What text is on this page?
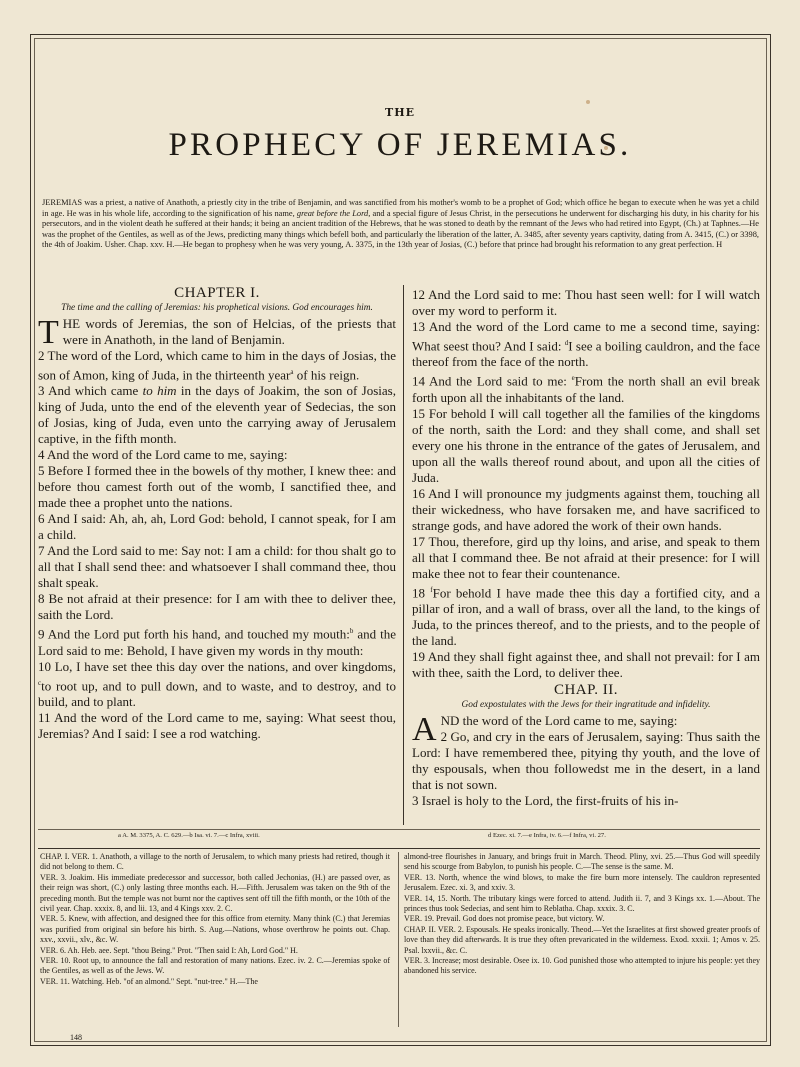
THE
PROPHECY OF JEREMIAS.
JEREMIAS was a priest, a native of Anathoth, a priestly city in the tribe of Benjamin, and was sanctified from his mother's womb to be a prophet of God; which office he began to execute when he was yet a child in age. He was in his whole life, according to the signification of his name, great before the Lord, and a special figure of Jesus Christ, in the persecutions he underwent for discharging his duty, in his charity for his persecutors, and in the violent death he suffered at their hands; it being an ancient tradition of the Hebrews, that he was stoned to death by the remnant of the Jews who had retired into Egypt, (Ch.) at Taphnes.—He was the prophet of the Gentiles, as well as of the Jews, predicting many things which befell both, and particularly the liberation of the latter, A. 3485, after seventy years captivity, dating from A. 3415, (C.) or 3398, the 4th of Joakim. Usher. Chap. xxv. H.—He began to prophesy when he was very young, A. 3375, in the 13th year of Josias, (C.) before that prince had brought his reformation to any great perfection. H
CHAPTER I.
The time and the calling of Jeremias: his prophetical visions. God encourages him.

THE words of Jeremias, the son of Helcias, of the priests that were in Anathoth, in the land of Benjamin.

2 The word of the Lord, which came to him in the days of Josias, the son of Amon, king of Juda, in the thirteenth year$^a$ of his reign.

3 And which came to him in the days of Joakim, the son of Josias, king of Juda, unto the end of the eleventh year of Sedecias, the son of Josias, king of Juda, even unto the carrying away of Jerusalem captive, in the fifth month.

4 And the word of the Lord came to me, saying:

5 Before I formed thee in the bowels of thy mother, I knew thee: and before thou camest forth out of the womb, I sanctified thee, and made thee a prophet unto the nations.

6 And I said: Ah, ah, ah, Lord God: behold, I cannot speak, for I am a child.

7 And the Lord said to me: Say not: I am a child: for thou shalt go to all that I shall send thee: and whatsoever I shall command thee, thou shalt speak.

8 Be not afraid at their presence: for I am with thee to deliver thee, saith the Lord.

9 And the Lord put forth his hand, and touched my mouth:$^b$ and the Lord said to me: Behold, I have given my words in thy mouth:

10 Lo, I have set thee this day over the nations, and over kingdoms, $^c$to root up, and to pull down, and to waste, and to destroy, and to build, and to plant.

11 And the word of the Lord came to me, saying: What seest thou, Jeremias? And I said: I see a rod watching.

12 And the Lord said to me: Thou hast seen well: for I will watch over my word to perform it.

13 And the word of the Lord came to me a second time, saying: What seest thou? And I said: $^d$I see a boiling cauldron, and the face thereof from the face of the north.

14 And the Lord said to me: $^e$From the north shall an evil break forth upon all the inhabitants of the land.

15 For behold I will call together all the families of the kingdoms of the north, saith the Lord: and they shall come, and shall set every one his throne in the entrance of the gates of Jerusalem, and upon all the walls thereof round about, and upon all the cities of Juda.

16 And I will pronounce my judgments against them, touching all their wickedness, who have forsaken me, and have sacrificed to strange gods, and have adored the work of their own hands.

17 Thou, therefore, gird up thy loins, and arise, and speak to them all that I command thee. Be not afraid at their presence: for I will make thee not to fear their countenance.

18 $^f$For behold I have made thee this day a fortified city, and a pillar of iron, and a wall of brass, over all the land, to the kings of Juda, to the princes thereof, and to the priests, and to the people of the land.

19 And they shall fight against thee, and shall not prevail: for I am with thee, saith the Lord, to deliver thee.

CHAP. II.
God expostulates with the Jews for their ingratitude and infidelity.

AND the word of the Lord came to me, saying:

2 Go, and cry in the ears of Jerusalem, saying: Thus saith the Lord: I have remembered thee, pitying thy youth, and the love of thy espousals, when thou followedst me in the desert, in a land that is not sown.

3 Israel is holy to the Lord, the first-fruits of his in-

a A. M. 3375, A. C. 629.—b Isa. vi. 7.—c Infra, xviii.	d Ezec. xi. 7.—e Infra, iv. 6.—f Infra, vi. 27.

CHAP. I. VER. 1. Anathoth, a village to the north of Jerusalem, to which many priests had retired, though it did not belong to them. C.

VER. 3. Joakim. His immediate predecessor and successor, both called Jechonias, (H.) are passed over, as their reign was short, (C.) only lasting three months each. H.—Fifth. Jerusalem was taken on the 9th of the preceding month. But the temple was not burnt nor the captives sent off till the fifth month, or the 10th of the civil year. Chap. xxxix. 8, and lii. 13, and 4 Kings xxv. 2. C.

VER. 5. Knew, with affection, and designed thee for this office from eternity. Many think (C.) that Jeremias was purified from original sin before his birth. S. Aug.—Nations, whose overthrow he points out. Chap. xxv., xxvii., xlv., &c. W.

VER. 6. Ah. Heb. aee. Sept. "thou Being." Prot. "Then said I: Ah, Lord God." H.

VER. 10. Root up, to announce the fall and restoration of many nations. Ezec. iv. 2. C.—Jeremias spoke of the Gentiles, as well as of the Jews. W.

VER. 11. Watching. Heb. "of an almond." Sept. "nut-tree." H.—The

almond-tree flourishes in January, and brings fruit in March. Theod. Pliny, xvi. 25.—Thus God will speedily send his scourge from Babylon, to punish his people. C.—The sense is the same. M.

VER. 13. North, whence the wind blows, to make the fire burn more intensely. The cauldron represented Jerusalem. Ezec. xi. 3, and xxiv. 3.

VER. 14, 15. North. The tributary kings were forced to attend. Judith ii. 7, and 3 Kings xx. 1.—About. The princes thus took Sedecias, and sent him to Reblatha. Chap. xxxix. 3. C.

VER. 19. Prevail. God does not promise peace, but victory. W.

CHAP. II. VER. 2. Espousals. He speaks ironically. Theod.—Yet the Israelites at first showed greater proofs of love than they did afterwards. It is true they often prevaricated in the wilderness. Exod. xxxii. 1; Amos v. 25. Psal. lxxvii., &c. C.

VER. 3. Increase; most desirable. Osee ix. 10. God punished those who attempted to injure his people: yet they abandoned his service.

148
